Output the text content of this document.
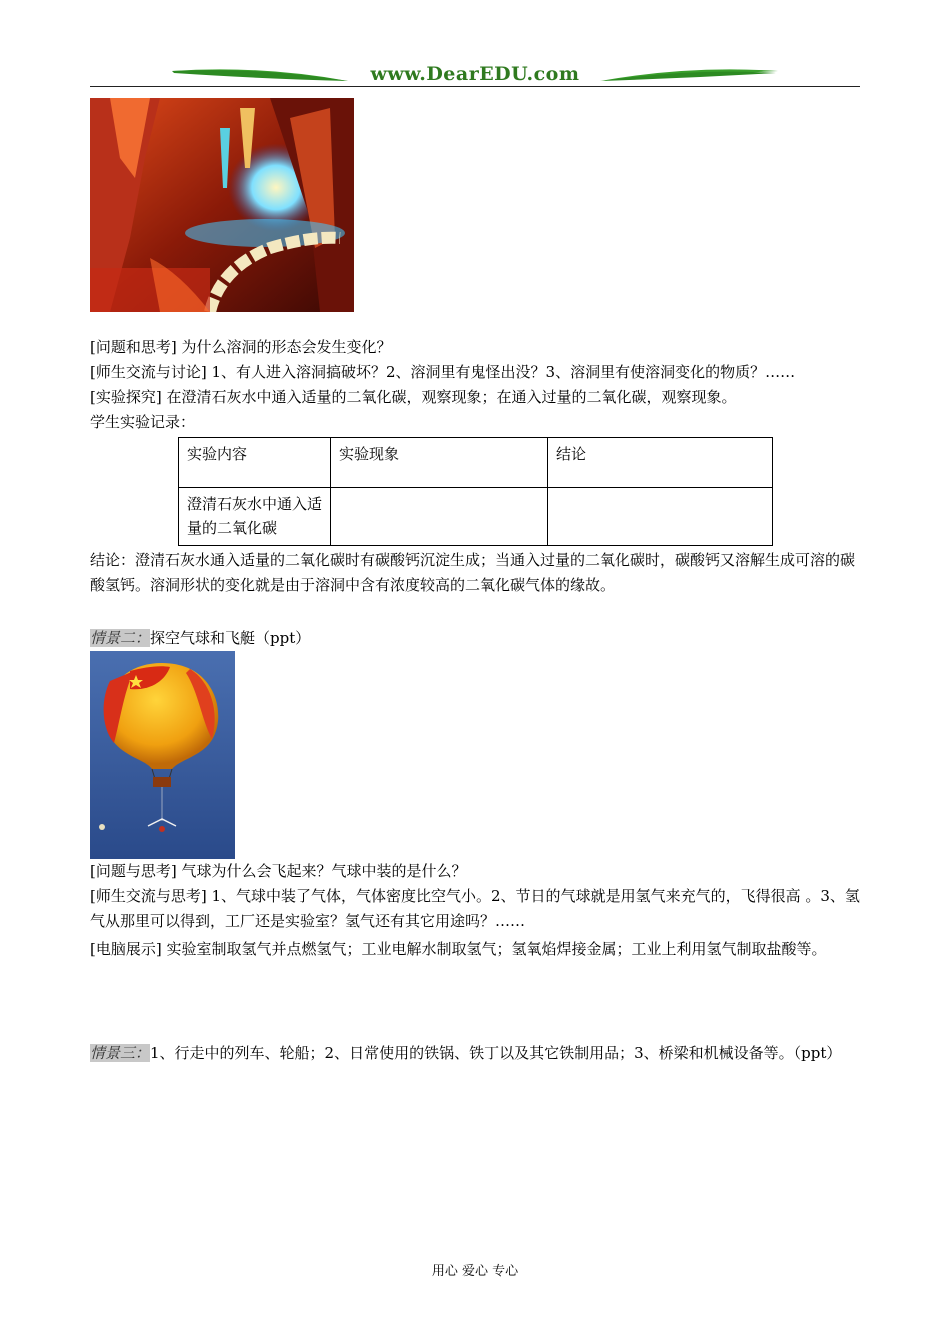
www.DearEDU.com
[问题和思考] 为什么溶洞的形态会发生变化？
[师生交流与讨论] 1、有人进入溶洞搞破坏？2、溶洞里有鬼怪出没？3、溶洞里有使溶洞变化的物质？……
[实验探究] 在澄清石灰水中通入适量的二氧化碳，观察现象；在通入过量的二氧化碳，观察现象。
学生实验记录：
实验内容	实验现象	结论
澄清石灰水中通入适量的二氧化碳		
结论：澄清石灰水通入适量的二氧化碳时有碳酸钙沉淀生成；当通入过量的二氧化碳时，碳酸钙又溶解生成可溶的碳酸氢钙。溶洞形状的变化就是由于溶洞中含有浓度较高的二氧化碳气体的缘故。
情景二：探空气球和飞艇（ppt）
[问题与思考] 气球为什么会飞起来？气球中装的是什么？
[师生交流与思考] 1、气球中装了气体，气体密度比空气小。2、节日的气球就是用氢气来充气的，飞得很高 。3、氢气从那里可以得到，工厂还是实验室？氢气还有其它用途吗？……
[电脑展示] 实验室制取氢气并点燃氢气；工业电解水制取氢气；氢氧焰焊接金属；工业上利用氢气制取盐酸等。
情景三：1、行走中的列车、轮船；2、日常使用的铁锅、铁丁以及其它铁制用品；3、桥梁和机械设备等。（ppt）
用心 爱心 专心
